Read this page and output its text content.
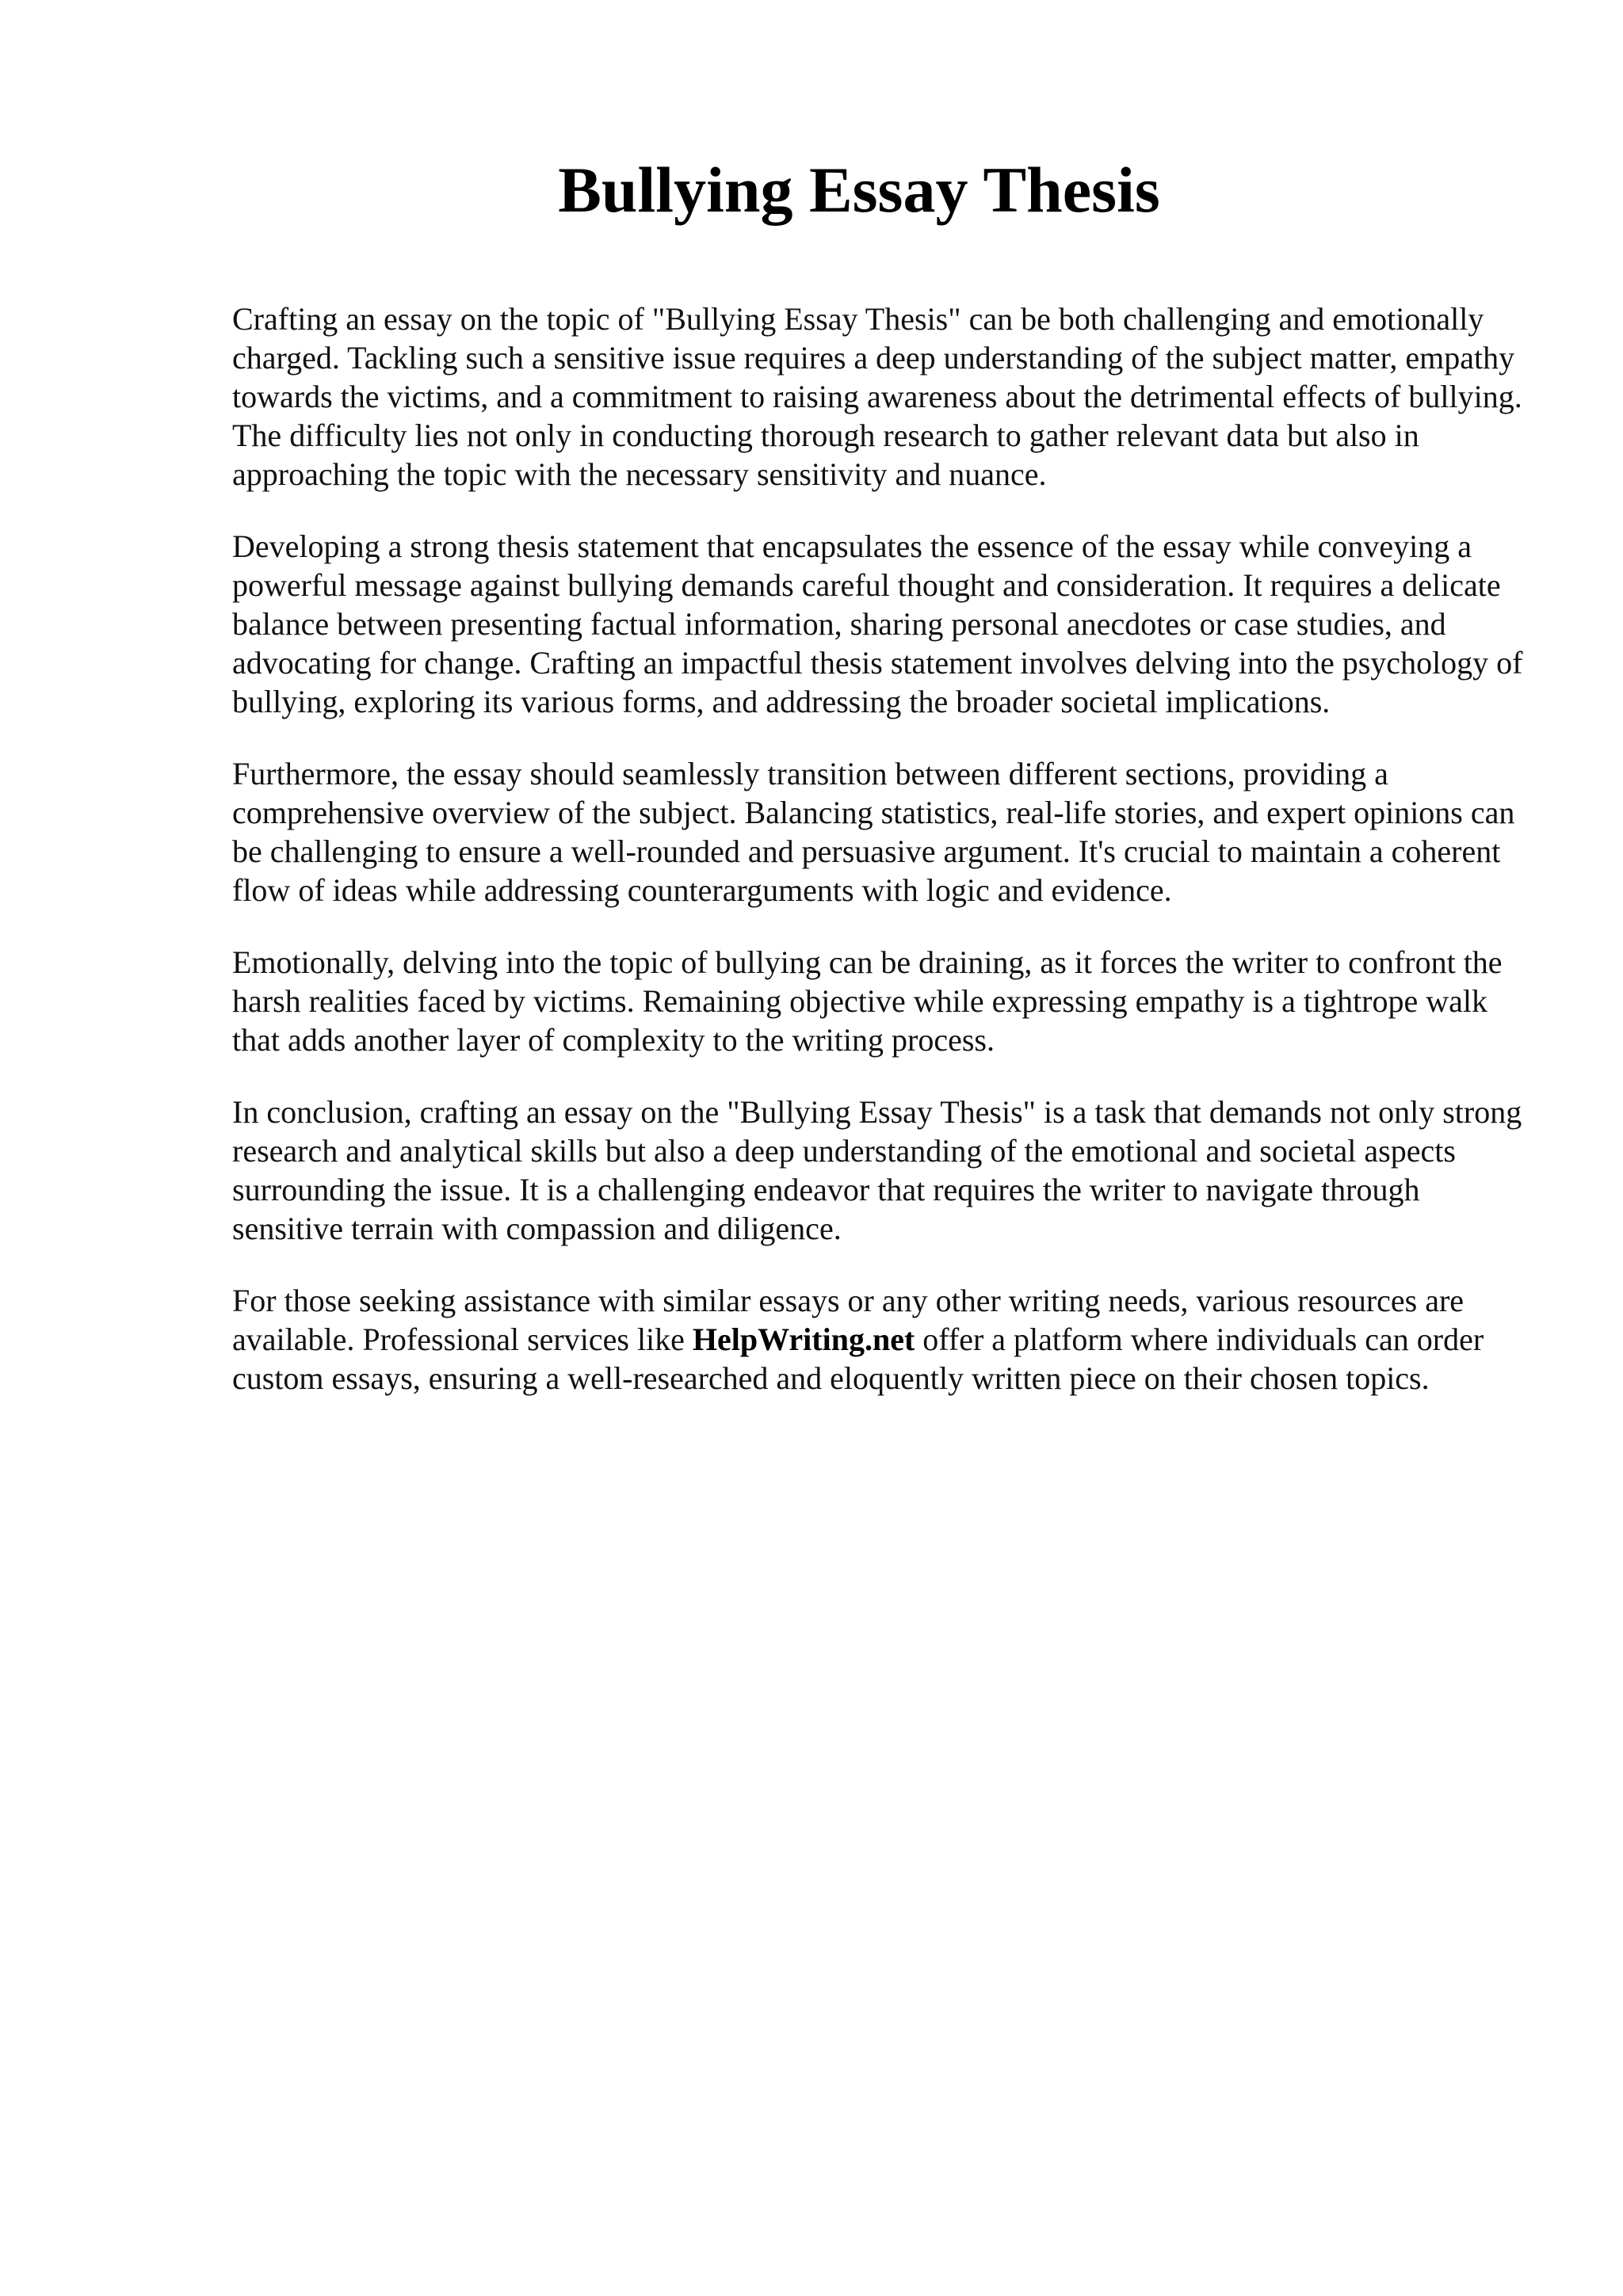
Bullying Essay Thesis

Crafting an essay on the topic of "Bullying Essay Thesis" can be both challenging and emotionally charged. Tackling such a sensitive issue requires a deep understanding of the subject matter, empathy towards the victims, and a commitment to raising awareness about the detrimental effects of bullying. The difficulty lies not only in conducting thorough research to gather relevant data but also in approaching the topic with the necessary sensitivity and nuance.

Developing a strong thesis statement that encapsulates the essence of the essay while conveying a powerful message against bullying demands careful thought and consideration. It requires a delicate balance between presenting factual information, sharing personal anecdotes or case studies, and advocating for change. Crafting an impactful thesis statement involves delving into the psychology of bullying, exploring its various forms, and addressing the broader societal implications.

Furthermore, the essay should seamlessly transition between different sections, providing a comprehensive overview of the subject. Balancing statistics, real-life stories, and expert opinions can be challenging to ensure a well-rounded and persuasive argument. It's crucial to maintain a coherent flow of ideas while addressing counterarguments with logic and evidence.

Emotionally, delving into the topic of bullying can be draining, as it forces the writer to confront the harsh realities faced by victims. Remaining objective while expressing empathy is a tightrope walk that adds another layer of complexity to the writing process.

In conclusion, crafting an essay on the "Bullying Essay Thesis" is a task that demands not only strong research and analytical skills but also a deep understanding of the emotional and societal aspects surrounding the issue. It is a challenging endeavor that requires the writer to navigate through sensitive terrain with compassion and diligence.

For those seeking assistance with similar essays or any other writing needs, various resources are available. Professional services like HelpWriting.net offer a platform where individuals can order custom essays, ensuring a well-researched and eloquently written piece on their chosen topics.
